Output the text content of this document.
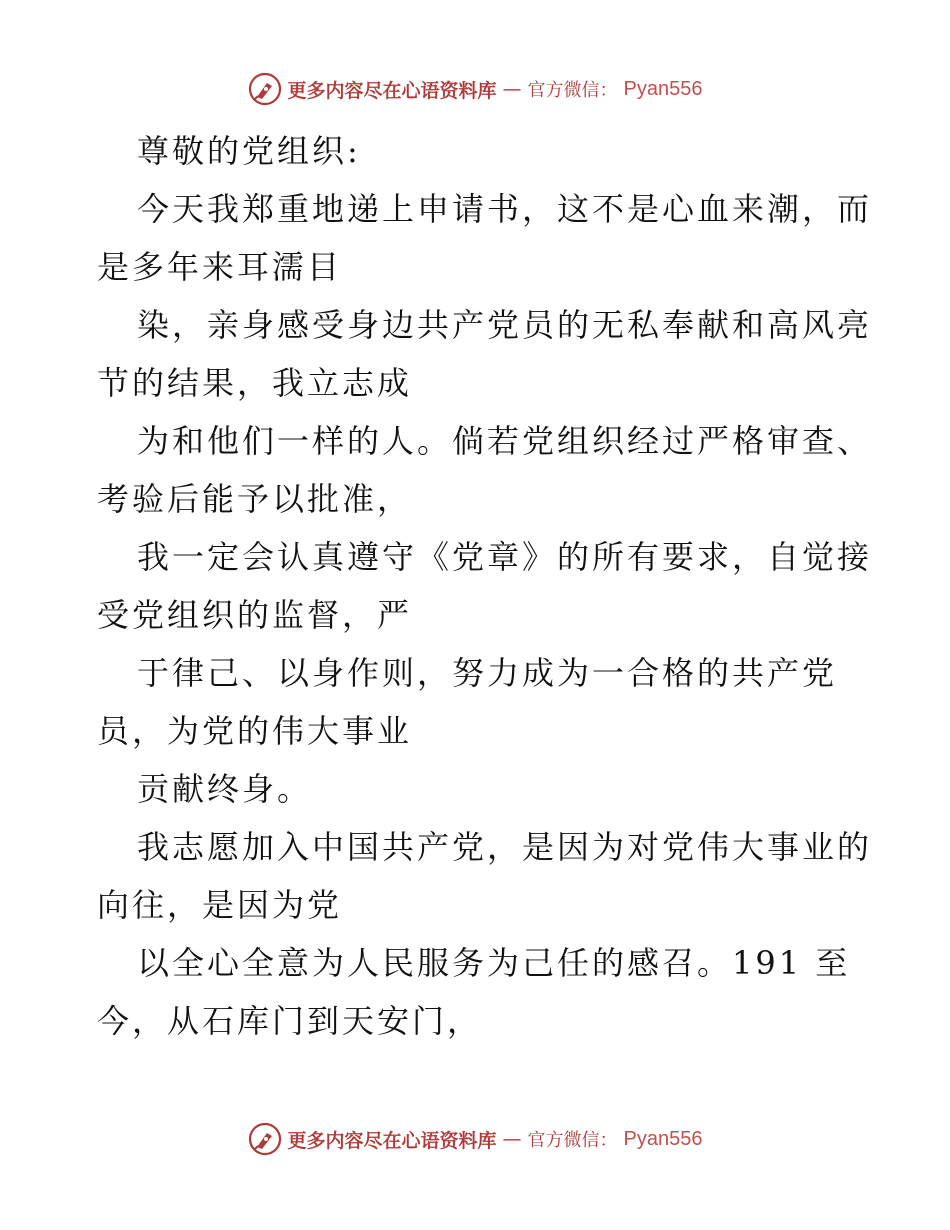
更多内容尽在心语资料库 — 官方微信： Pyan556
尊敬的党组织:
今天我郑重地递上申请书，这不是心血来潮，而
是多年来耳濡目
染，亲身感受身边共产党员的无私奉献和高风亮
节的结果，我立志成
为和他们一样的人。倘若党组织经过严格审查、
考验后能予以批准，
我一定会认真遵守《党章》的所有要求，自觉接
受党组织的监督，严
于律己、以身作则，努力成为一合格的共产党
员，为党的伟大事业
贡献终身。
我志愿加入中国共产党，是因为对党伟大事业的
向往，是因为党
以全心全意为人民服务为己任的感召。191 至
今，从石库门到天安门，
更多内容尽在心语资料库 — 官方微信： Pyan556
